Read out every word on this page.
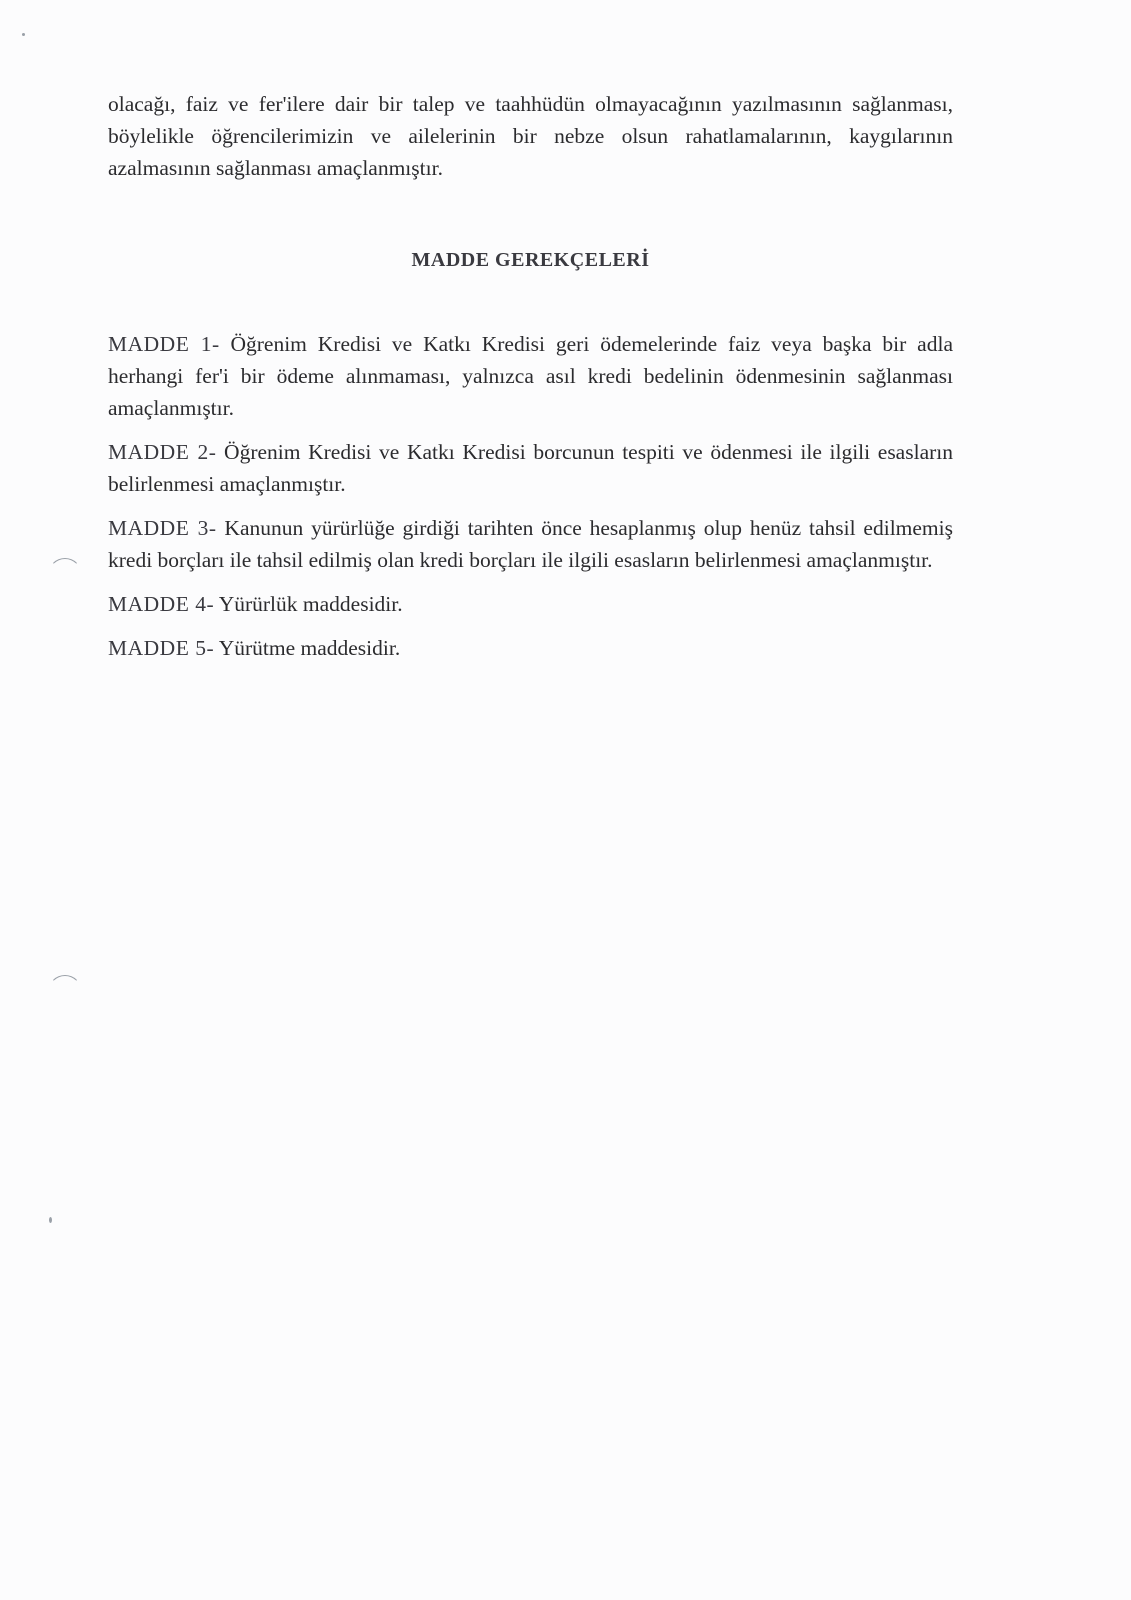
olacağı, faiz ve fer'ilere dair bir talep ve taahhüdün olmayacağının yazılmasının sağlanması, böylelikle öğrencilerimizin ve ailelerinin bir nebze olsun rahatlamalarının, kaygılarının azalmasının sağlanması amaçlanmıştır.

MADDE GEREKÇELERİ

MADDE 1- Öğrenim Kredisi ve Katkı Kredisi geri ödemelerinde faiz veya başka bir adla herhangi fer'i bir ödeme alınmaması, yalnızca asıl kredi bedelinin ödenmesinin sağlanması amaçlanmıştır.

MADDE 2- Öğrenim Kredisi ve Katkı Kredisi borcunun tespiti ve ödenmesi ile ilgili esasların belirlenmesi amaçlanmıştır.

MADDE 3- Kanunun yürürlüğe girdiği tarihten önce hesaplanmış olup henüz tahsil edilmemiş kredi borçları ile tahsil edilmiş olan kredi borçları ile ilgili esasların belirlenmesi amaçlanmıştır.

MADDE 4- Yürürlük maddesidir.

MADDE 5- Yürütme maddesidir.
